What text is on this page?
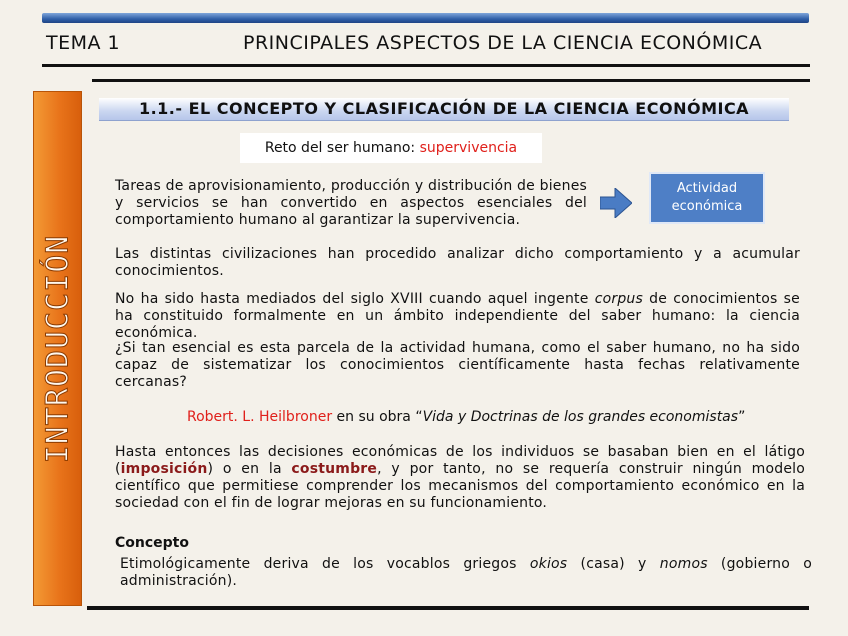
TEMA 1	PRINCIPALES ASPECTOS DE LA CIENCIA ECONÓMICA
INTRODUCCIÓN
1.1.- EL CONCEPTO Y CLASIFICACIÓN DE LA CIENCIA ECONÓMICA
Reto del ser humano: supervivencia
Tareas de aprovisionamiento, producción y distribución de bienes y servicios se han convertido en aspectos esenciales del comportamiento humano al garantizar la supervivencia.
Actividad
económica
Las distintas civilizaciones han procedido analizar dicho comportamiento y a acumular conocimientos.
No ha sido hasta mediados del siglo XVIII cuando aquel ingente corpus de conocimientos se ha constituido formalmente en un ámbito independiente del saber humano: la ciencia económica.
¿Si tan esencial es esta parcela de la actividad humana, como el saber humano, no ha sido capaz de sistematizar los conocimientos científicamente hasta fechas relativamente cercanas?
Robert. L. Heilbroner en su obra “Vida y Doctrinas de los grandes economistas”
Hasta entonces las decisiones económicas de los individuos se basaban bien en el látigo (imposición) o en la costumbre, y por tanto, no se requería construir ningún modelo científico que permitiese comprender los mecanismos del comportamiento económico en la sociedad con el fin de lograr mejoras en su funcionamiento.
Concepto
Etimológicamente deriva de los vocablos griegos okios (casa) y nomos (gobierno o administración).
